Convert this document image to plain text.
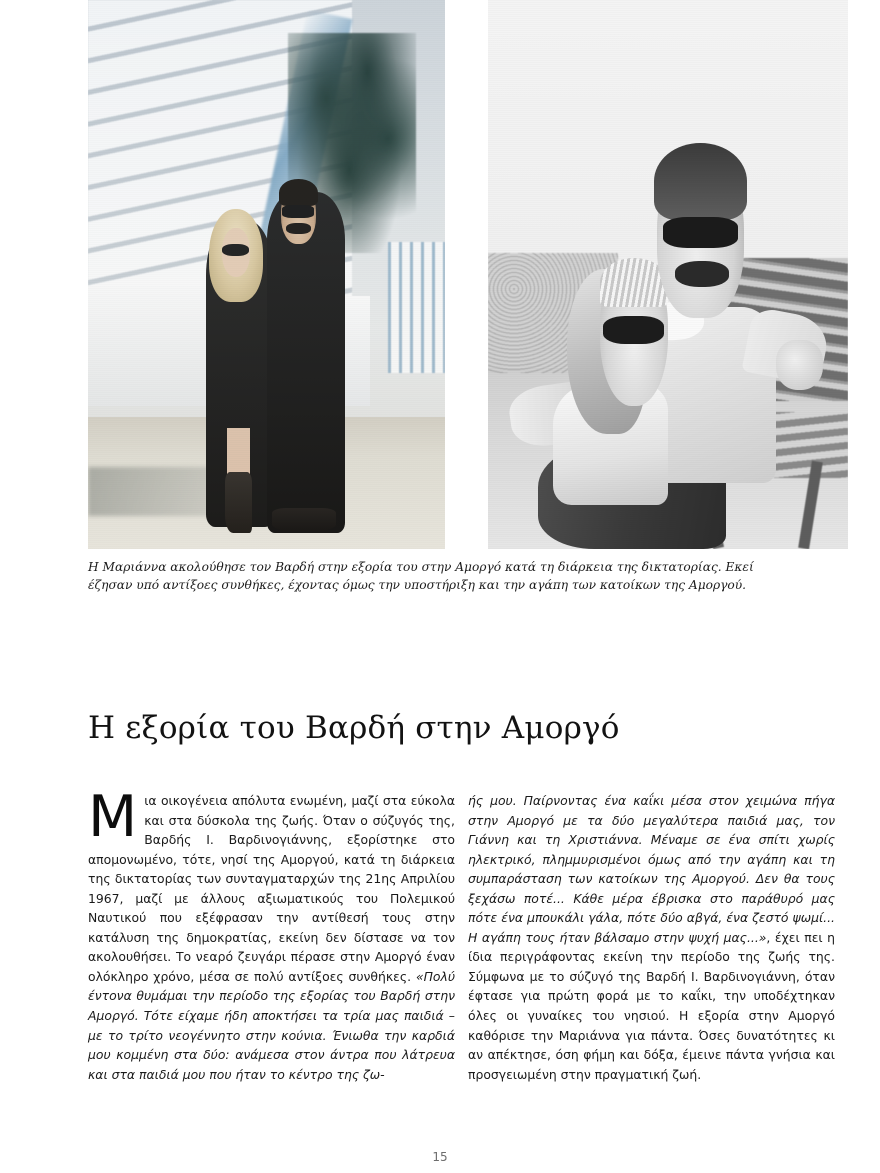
Η Μαριάννα ακολούθησε τον Βαρδή στην εξορία του στην Αμοργό κατά τη διάρκεια της δικτατορίας. Εκεί έζησαν υπό αντίξοες συνθήκες, έχοντας όμως την υποστήριξη και την αγάπη των κατοίκων της Αμοργού.
Η εξορία του Βαρδή στην Αμοργό
Mια οικογένεια απόλυτα ενωμένη, μαζί στα εύκολα και στα δύσκολα της ζωής. Όταν ο σύζυγός της, Βαρδής Ι. Βαρδινογιάννης, εξορίστηκε στο απομονωμένο, τότε, νησί της Αμοργού, κατά τη διάρκεια της δικτατορίας των συνταγματαρχών της 21ης Απριλίου 1967, μαζί με άλλους αξιωματικούς του Πολεμικού Ναυτικού που εξέφρασαν την αντίθεσή τους στην κατάλυση της δημοκρατίας, εκείνη δεν δίστασε να τον ακολουθήσει. Το νεαρό ζευγάρι πέρασε στην Αμοργό έναν ολόκληρο χρόνο, μέσα σε πολύ αντίξοες συνθήκες. «Πολύ έντονα θυμάμαι την περίοδο της εξορίας του Βαρδή στην Αμοργό. Τότε είχαμε ήδη αποκτήσει τα τρία μας παιδιά – με το τρίτο νεογέννητο στην κούνια. Ένιωθα την καρδιά μου κομμένη στα δύο: ανάμεσα στον άντρα που λάτρευα και στα παιδιά μου που ήταν το κέντρο της ζω-
ής μου. Παίρνοντας ένα καΐκι μέσα στον χειμώνα πήγα στην Αμοργό με τα δύο μεγαλύτερα παιδιά μας, τον Γιάννη και τη Χριστιάννα. Μέναμε σε ένα σπίτι χωρίς ηλεκτρικό, πλημμυρισμένοι όμως από την αγάπη και τη συμπαράσταση των κατοίκων της Αμοργού. Δεν θα τους ξεχάσω ποτέ... Κάθε μέρα έβρισκα στο παράθυρό μας πότε ένα μπουκάλι γάλα, πότε δύο αβγά, ένα ζεστό ψωμί... Η αγάπη τους ήταν βάλσαμο στην ψυχή μας...», έχει πει η ίδια περιγράφοντας εκείνη την περίοδο της ζωής της. Σύμφωνα με το σύζυγό της Βαρδή Ι. Βαρδινογιάννη, όταν έφτασε για πρώτη φορά με το καΐκι, την υποδέχτηκαν όλες οι γυναίκες του νησιού. Η εξορία στην Αμοργό καθόρισε την Μαριάννα για πάντα. Όσες δυνατότητες κι αν απέκτησε, όση φήμη και δόξα, έμεινε πάντα γνήσια και προσγειωμένη στην πραγματική ζωή.
15
